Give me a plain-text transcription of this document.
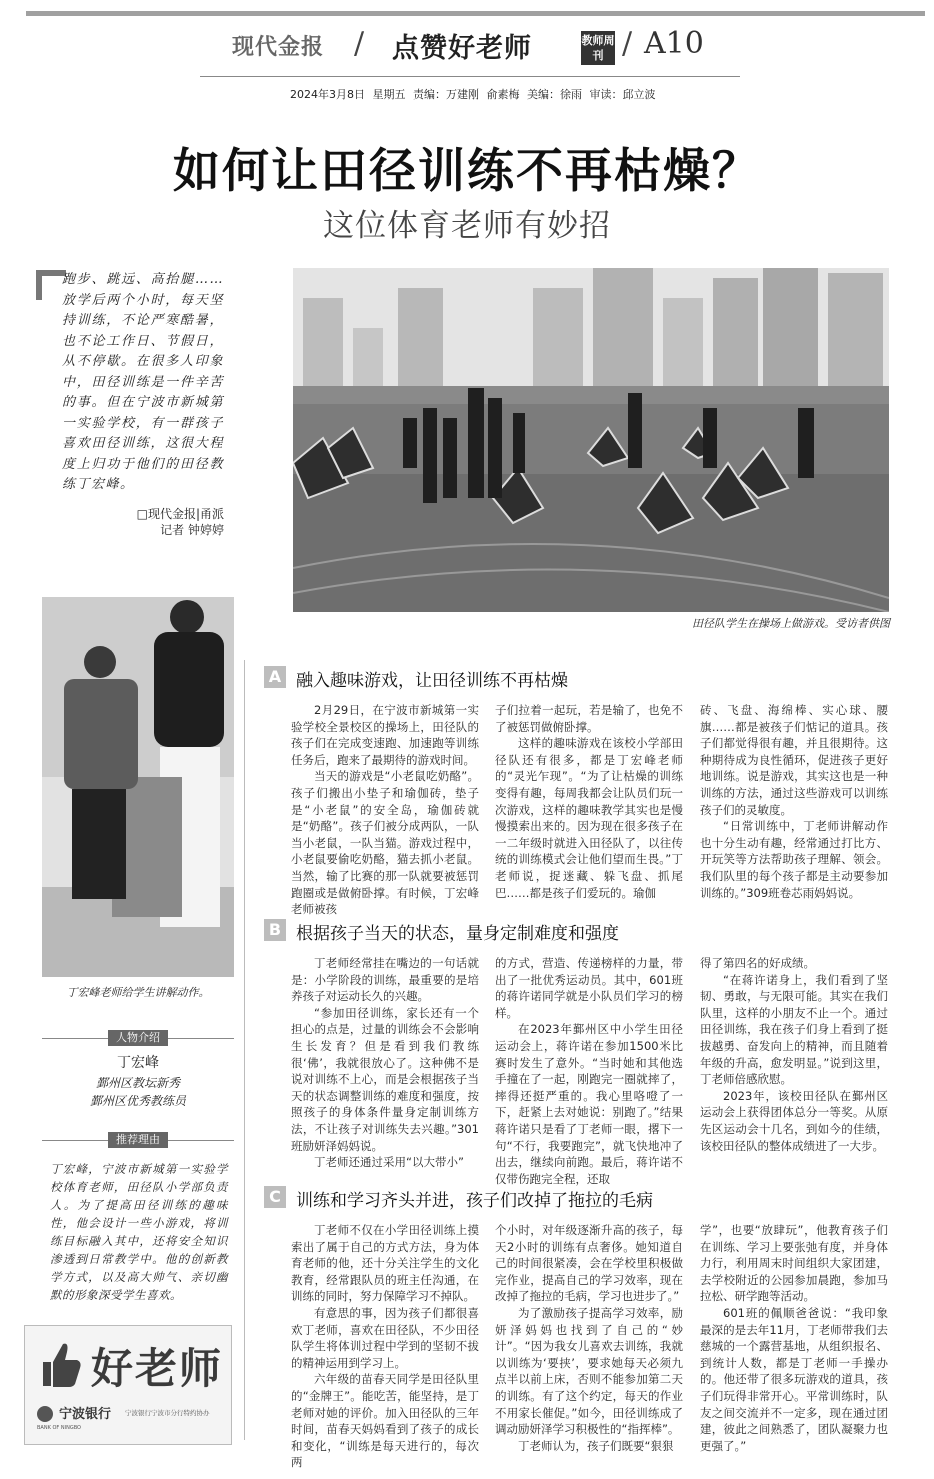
现代金报 / 点赞好老师	教师周刊 / A10
2024年3月8日 星期五 责编：万建刚 俞素梅 美编：徐雨 审读：邱立波
如何让田径训练不再枯燥？
这位体育老师有妙招
跑步、跳远、高抬腿……放学后两个小时，每天坚持训练，不论严寒酷暑，也不论工作日、节假日，从不停歇。在很多人印象中，田径训练是一件辛苦的事。但在宁波市新城第一实验学校，有一群孩子喜欢田径训练，这很大程度上归功于他们的田径教练丁宏峰。
□现代金报|甬派
记者 钟婷婷
田径队学生在操场上做游戏。受访者供图
丁宏峰老师给学生讲解动作。
人物介绍
丁宏峰
鄞州区教坛新秀
鄞州区优秀教练员
推荐理由
丁宏峰，宁波市新城第一实验学校体育老师，田径队小学部负责人。为了提高田径训练的趣味性，他会设计一些小游戏，将训练目标融入其中，还将安全知识渗透到日常教学中。他的创新教学方式，以及高大帅气、亲切幽默的形象深受学生喜欢。
好老师
宁波银行
BANK OF NINGBO
宁波银行宁波市分行特约协办
A 融入趣味游戏，让田径训练不再枯燥

2月29日，在宁波市新城第一实验学校全景校区的操场上，田径队的孩子们在完成变速跑、加速跑等训练任务后，跑来了最期待的游戏时间。

当天的游戏是“小老鼠吃奶酪”。孩子们搬出小垫子和瑜伽砖，垫子是“小老鼠”的安全岛，瑜伽砖就是“奶酪”。孩子们被分成两队，一队当小老鼠，一队当猫。游戏过程中，小老鼠要偷吃奶酪，猫去抓小老鼠。当然，输了比赛的那一队就要被惩罚跑圈或是做俯卧撑。有时候，丁宏峰老师被孩

子们拉着一起玩，若是输了，也免不了被惩罚做俯卧撑。

这样的趣味游戏在该校小学部田径队还有很多，都是丁宏峰老师的“灵光乍现”。“为了让枯燥的训练变得有趣，每周我都会让队员们玩一次游戏，这样的趣味教学其实也是慢慢摸索出来的。因为现在很多孩子在一二年级时就进入田径队了，以往传统的训练模式会让他们望而生畏。”丁老师说，捉迷藏、躲飞盘、抓尾巴……都是孩子们爱玩的。瑜伽

砖、飞盘、海绵棒、实心球、腰旗……都是被孩子们惦记的道具。孩子们都觉得很有趣，并且很期待。这种期待成为良性循环，促进孩子更好地训练。说是游戏，其实这也是一种训练的方法，通过这些游戏可以训练孩子们的灵敏度。

“日常训练中，丁老师讲解动作也十分生动有趣，经常通过打比方、开玩笑等方法帮助孩子理解、领会。我们队里的每个孩子都是主动要参加训练的。”309班卷芯雨妈妈说。

B 根据孩子当天的状态，量身定制难度和强度

丁老师经常挂在嘴边的一句话就是：小学阶段的训练，最重要的是培养孩子对运动长久的兴趣。

“参加田径训练，家长还有一个担心的点是，过量的训练会不会影响生长发育？但是看到我们教练很‘佛’，我就很放心了。这种佛不是说对训练不上心，而是会根据孩子当天的状态调整训练的难度和强度，按照孩子的身体条件量身定制训练方法，不让孩子对训练失去兴趣。”301班励妍泽妈妈说。

丁老师还通过采用“以大带小”

的方式，营造、传递榜样的力量，带出了一批优秀运动员。其中，601班的蒋许诺同学就是小队员们学习的榜样。

在2023年鄞州区中小学生田径运动会上，蒋许诺在参加1500米比赛时发生了意外。“当时她和其他选手撞在了一起，刚跑完一圈就摔了，摔得还挺严重的。我心里咯噔了一下，赶紧上去对她说：别跑了。”结果蒋许诺只是看了丁老师一眼，撂下一句“不行，我要跑完”，就飞快地冲了出去，继续向前跑。最后，蒋许诺不仅带伤跑完全程，还取

得了第四名的好成绩。

“在蒋许诺身上，我们看到了坚韧、勇敢，与无限可能。其实在我们队里，这样的小朋友不止一个。通过田径训练，我在孩子们身上看到了挺拔越勇、奋发向上的精神，而且随着年级的升高，愈发明显。”说到这里，丁老师倍感欣慰。

2023年，该校田径队在鄞州区运动会上获得团体总分一等奖。从原先区运动会十几名，到如今的佳绩，该校田径队的整体成绩进了一大步。

C 训练和学习齐头并进，孩子们改掉了拖拉的毛病

丁老师不仅在小学田径训练上摸索出了属于自己的方式方法，身为体育老师的他，还十分关注学生的文化教育，经常跟队员的班主任沟通，在训练的同时，努力保障学习不掉队。

有意思的事，因为孩子们都很喜欢丁老师，喜欢在田径队，不少田径队学生将体训过程中学到的坚韧不拔的精神运用到学习上。

六年级的苗春天同学是田径队里的“金牌王”。能吃苦，能坚持，是丁老师对她的评价。加入田径队的三年时间，苗春天妈妈看到了孩子的成长和变化，“训练是每天进行的，每次两

个小时，对年级逐渐升高的孩子，每天2小时的训练有点奢侈。她知道自己的时间很紧凑，会在学校里积极做完作业，提高自己的学习效率，现在改掉了拖拉的毛病，学习也进步了。”

为了激励孩子提高学习效率，励妍泽妈妈也找到了自己的“妙计”。“因为我女儿喜欢去训练，我就以训练为‘要挟’，要求她每天必须九点半以前上床，否则不能参加第二天的训练。有了这个约定，每天的作业不用家长催促。”如今，田径训练成了调动励妍泽学习积极性的“指挥棒”。

丁老师认为，孩子们既要“狠狠

学”，也要“放肆玩”，他教育孩子们在训练、学习上要张弛有度，并身体力行，利用周末时间组织大家团建，去学校附近的公园参加晨跑，参加马拉松、研学跑等活动。

601班的佩顺爸爸说：“我印象最深的是去年11月，丁老师带我们去慈城的一个露营基地，从组织报名、到统计人数，都是丁老师一手操办的。他还带了很多玩游戏的道具，孩子们玩得非常开心。平常训练时，队友之间交流并不一定多，现在通过团建，彼此之间熟悉了，团队凝聚力也更强了。”
